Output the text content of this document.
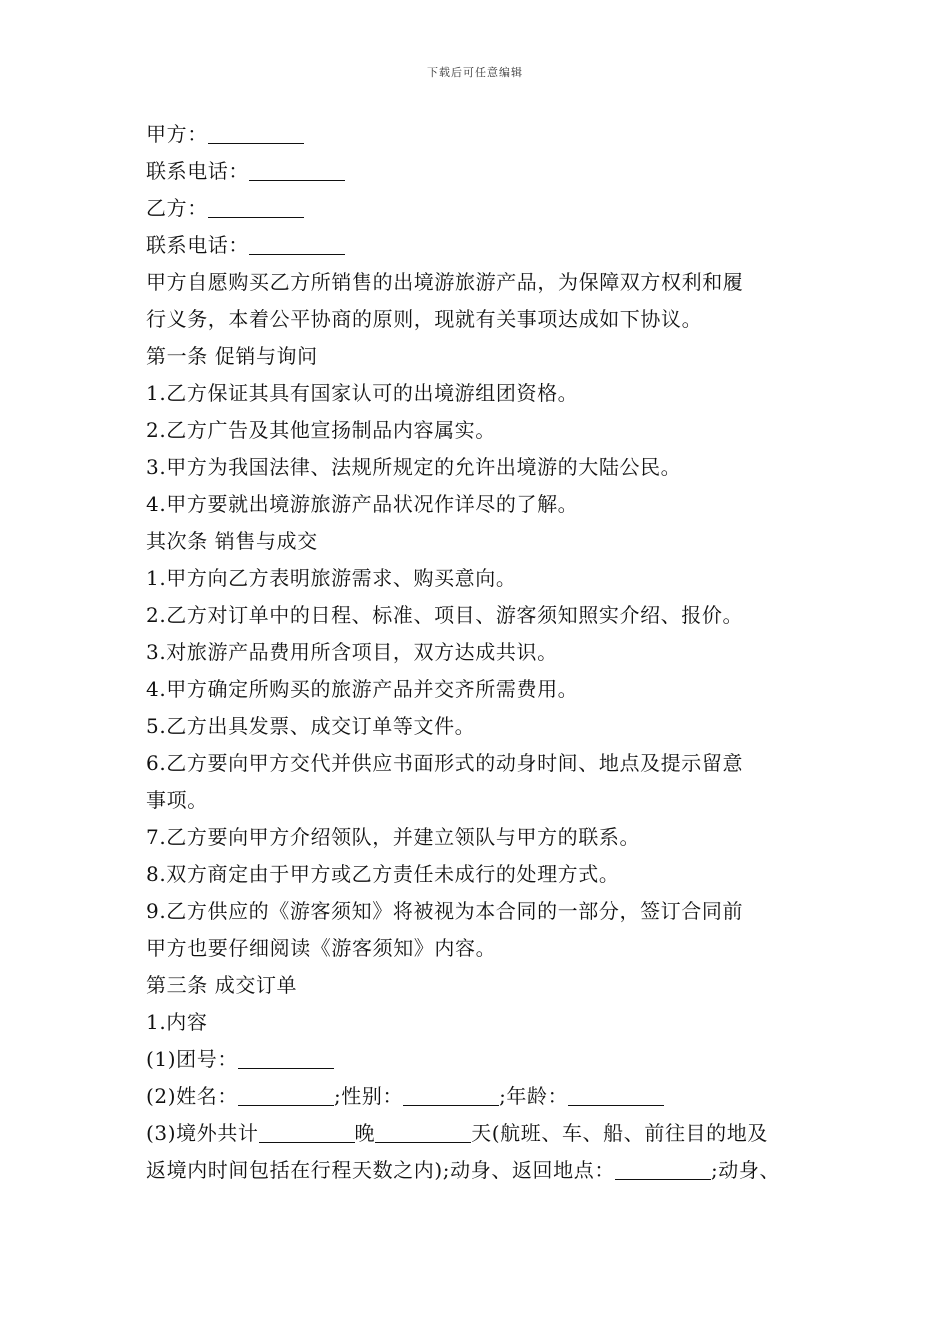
下载后可任意编辑
甲方：
联系电话：
乙方：
联系电话：
甲方自愿购买乙方所销售的出境游旅游产品，为保障双方权利和履
行义务，本着公平协商的原则，现就有关事项达成如下协议。
第一条 促销与询问
1.乙方保证其具有国家认可的出境游组团资格。
2.乙方广告及其他宣扬制品内容属实。
3.甲方为我国法律、法规所规定的允许出境游的大陆公民。
4.甲方要就出境游旅游产品状况作详尽的了解。
其次条 销售与成交
1.甲方向乙方表明旅游需求、购买意向。
2.乙方对订单中的日程、标准、项目、游客须知照实介绍、报价。
3.对旅游产品费用所含项目，双方达成共识。
4.甲方确定所购买的旅游产品并交齐所需费用。
5.乙方出具发票、成交订单等文件。
6.乙方要向甲方交代并供应书面形式的动身时间、地点及提示留意
事项。
7.乙方要向甲方介绍领队，并建立领队与甲方的联系。
8.双方商定由于甲方或乙方责任未成行的处理方式。
9.乙方供应的《游客须知》将被视为本合同的一部分，签订合同前
甲方也要仔细阅读《游客须知》内容。
第三条 成交订单
1.内容
(1)团号：
(2)姓名：	;性别：	;年龄：
(3)境外共计	晚	天(航班、车、船、前往目的地及
返境内时间包括在行程天数之内);动身、返回地点：	;动身、
